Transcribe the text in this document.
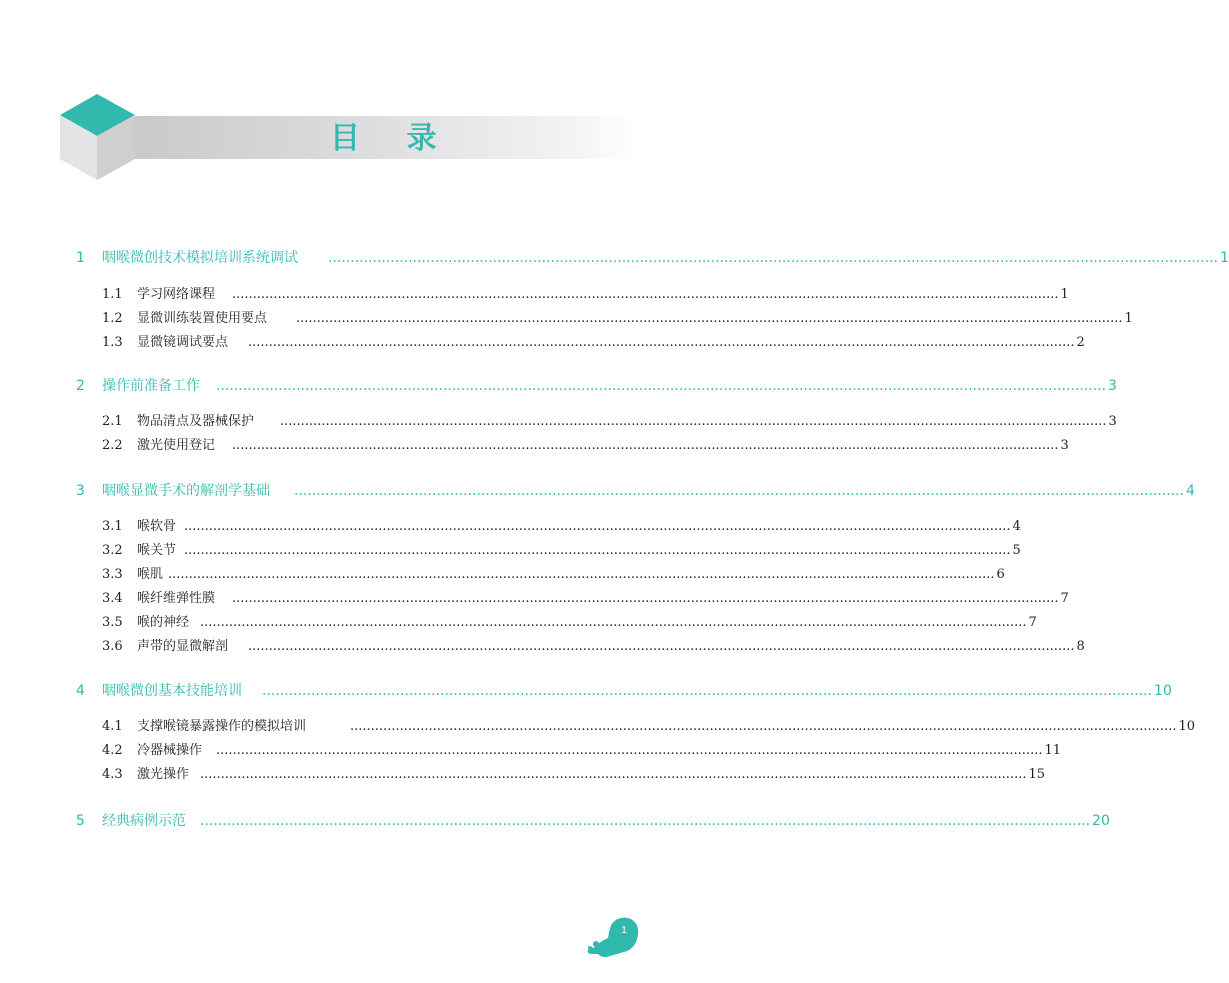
目 录
1 咽喉微创技术模拟培训系统调试 ........................................................................................................................................................................................................ 1
1.1 学习网络课程 ........................................................................................................................................................................................................ 1
1.2 显微训练装置使用要点 ........................................................................................................................................................................................................ 1
1.3 显微镜调试要点 ........................................................................................................................................................................................................ 2
2 操作前准备工作 ........................................................................................................................................................................................................ 3
2.1 物品清点及器械保护 ........................................................................................................................................................................................................ 3
2.2 激光使用登记 ........................................................................................................................................................................................................ 3
3 咽喉显微手术的解剖学基础 ........................................................................................................................................................................................................ 4
3.1 喉软骨 ........................................................................................................................................................................................................ 4
3.2 喉关节 ........................................................................................................................................................................................................ 5
3.3 喉肌 ........................................................................................................................................................................................................ 6
3.4 喉纤维弹性膜 ........................................................................................................................................................................................................ 7
3.5 喉的神经 ........................................................................................................................................................................................................ 7
3.6 声带的显微解剖 ........................................................................................................................................................................................................ 8
4 咽喉微创基本技能培训 ........................................................................................................................................................................................................ 10
4.1 支撑喉镜暴露操作的模拟培训	........................................................................................................................................................................................................ 10
4.2 冷器械操作 ........................................................................................................................................................................................................ 11
4.3 激光操作 ........................................................................................................................................................................................................ 15
5 经典病例示范 ........................................................................................................................................................................................................ 20
1
